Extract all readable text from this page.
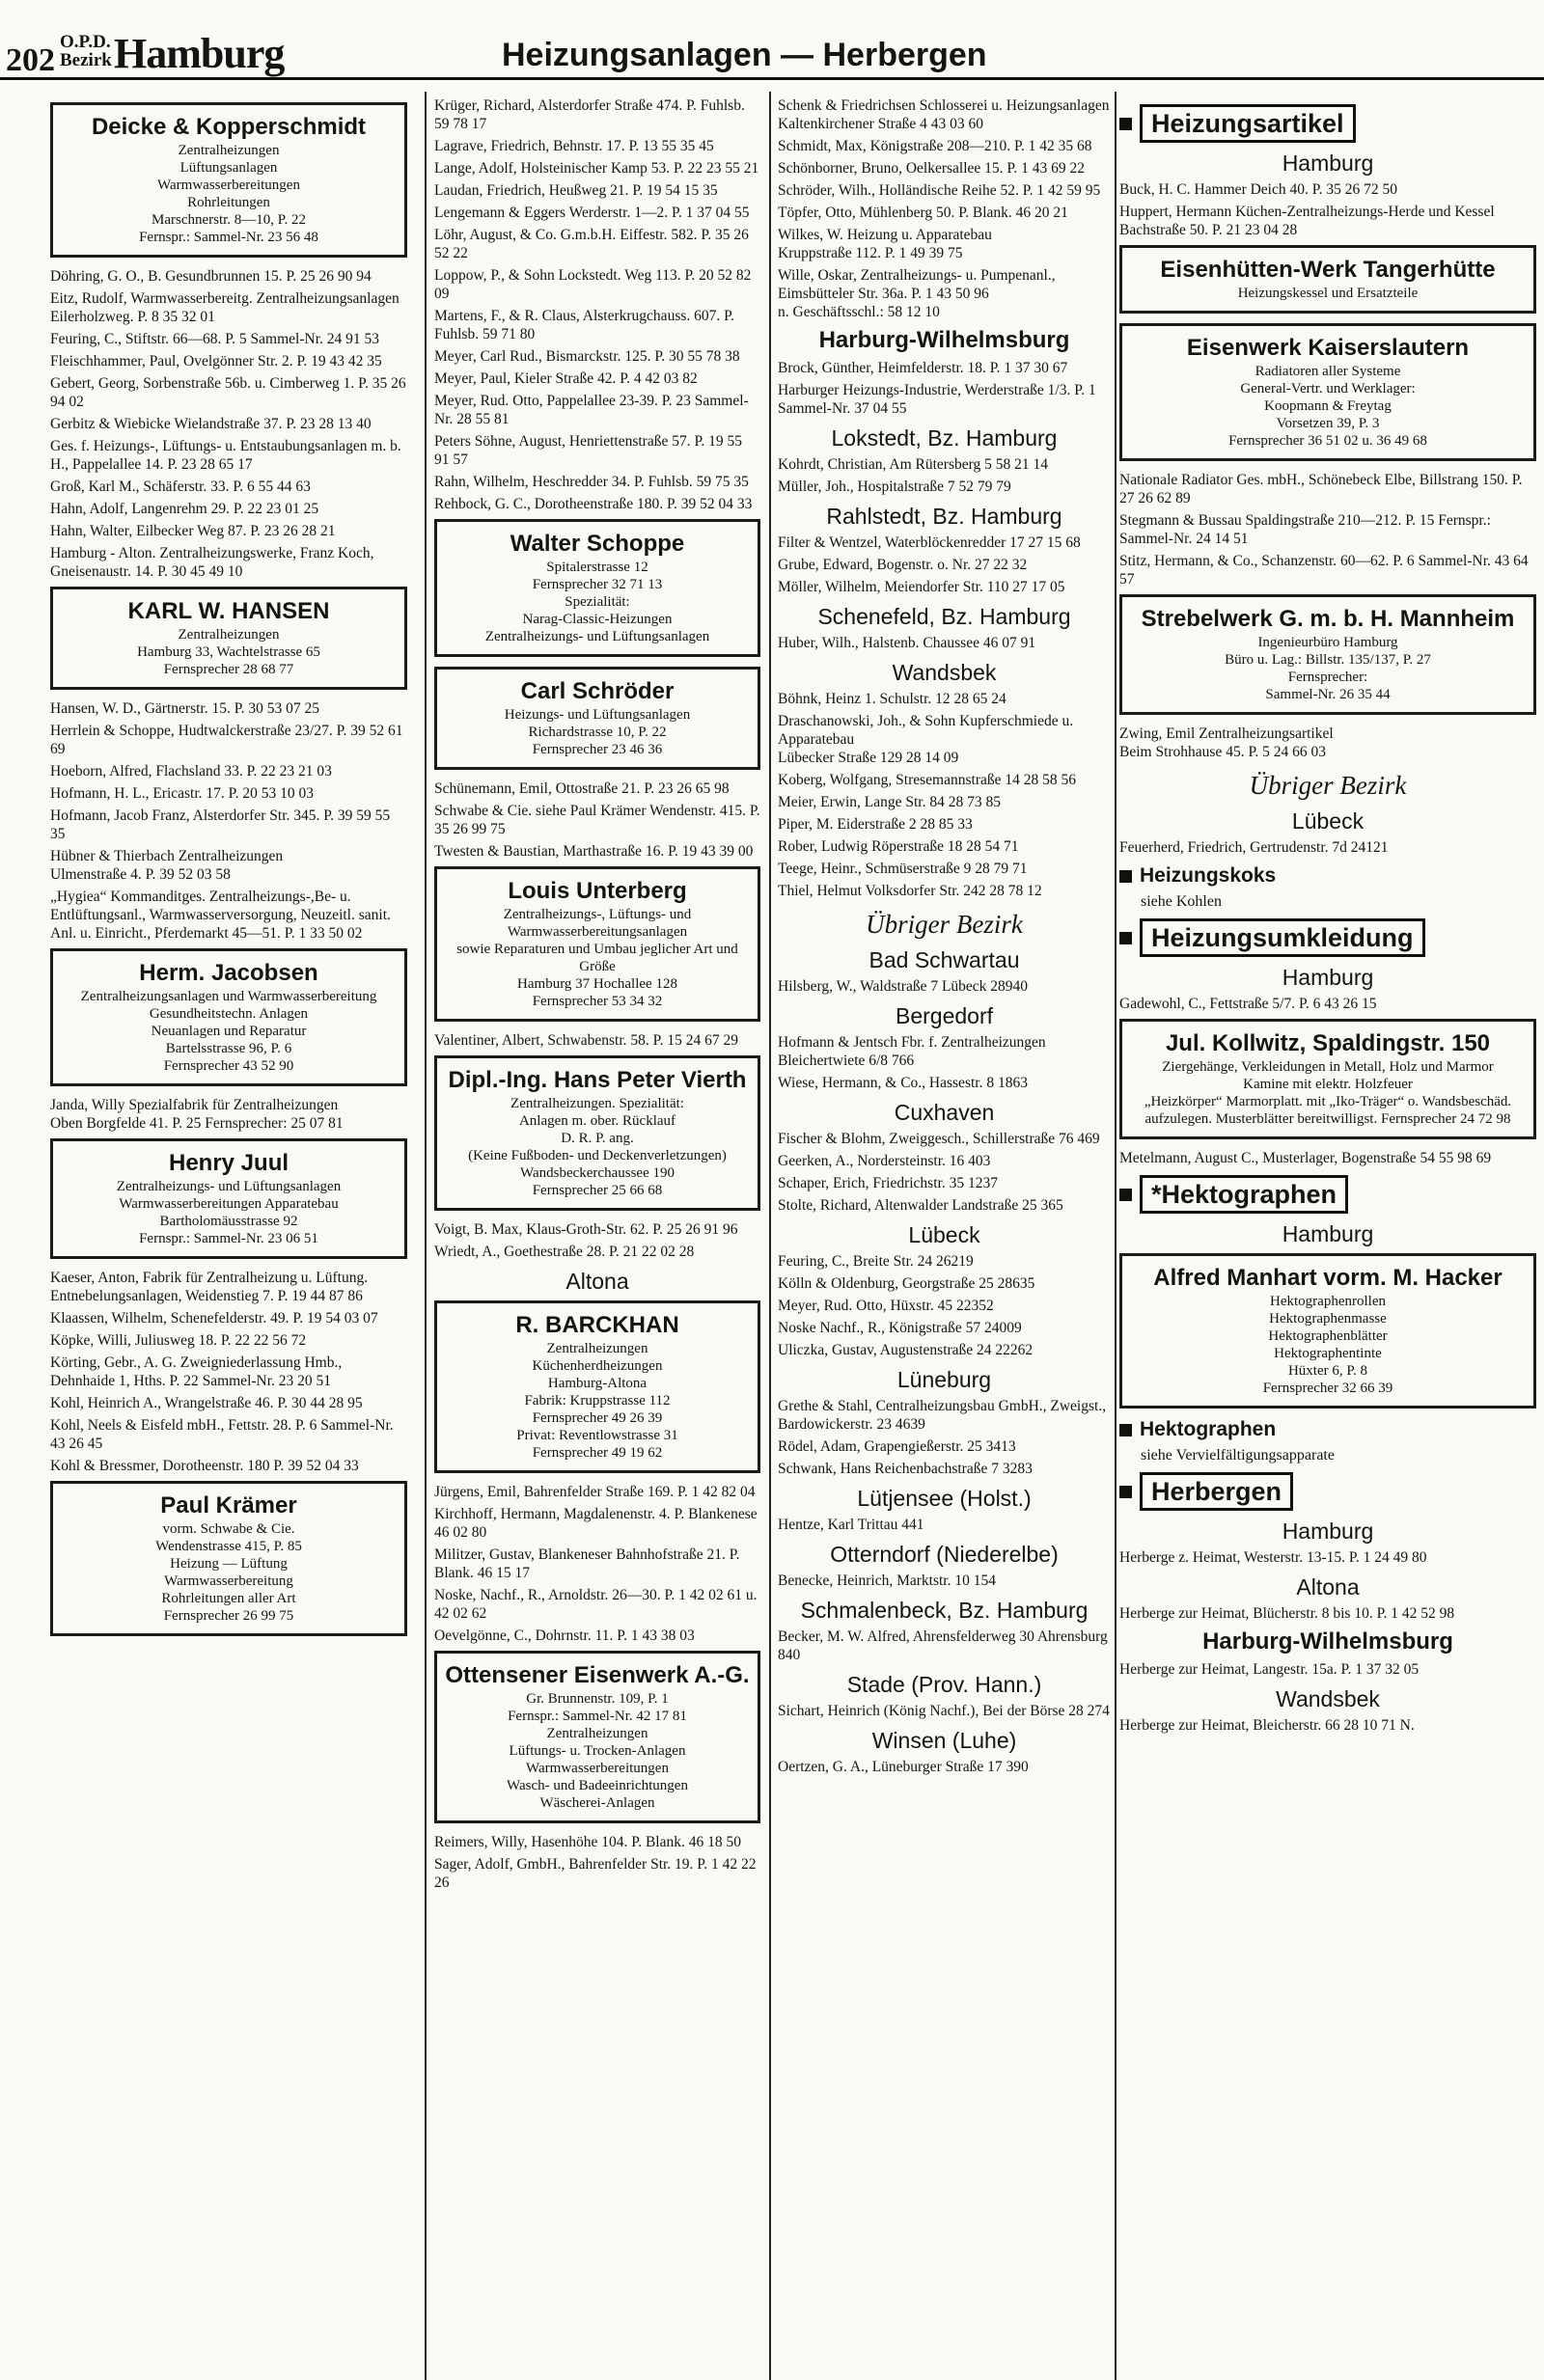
202
O.P.D.
Bezirk Hamburg	Heizungsanlagen — Herbergen
Deicke & Kopperschmidt
Zentralheizungen
Lüftungsanlagen
Warmwasserbereitungen
Rohrleitungen
Marschnerstr. 8—10, P. 22
Fernspr.: Sammel-Nr. 23 56 48
Döhring, G. O., B. Gesundbrunnen 15. P. 25 26 90 94
Eitz, Rudolf, Warmwasserbereitg. Zentralheizungsanlagen
Eilerholzweg. P. 8 35 32 01
Feuring, C., Stiftstr. 66—68. P. 5 Sammel-Nr. 24 91 53
Fleischhammer, Paul, Ovelgönner Str. 2. P. 19 43 42 35
Gebert, Georg, Sorbenstraße 56b. u. Cimberweg 1. P. 35 26 94 02
Gerbitz & Wiebicke Wielandstraße 37. P. 23 28 13 40
Ges. f. Heizungs-, Lüftungs- u. Entstaubungsanlagen m. b. H., Pappelallee 14. P. 23 28 65 17
Groß, Karl M., Schäferstr. 33. P. 6 55 44 63
Hahn, Adolf, Langenrehm 29. P. 22 23 01 25
Hahn, Walter, Eilbecker Weg 87. P. 23 26 28 21
Hamburg - Alton. Zentralheizungswerke, Franz Koch, Gneisenaustr. 14. P. 30 45 49 10
KARL W. HANSEN
Zentralheizungen
Hamburg 33, Wachtelstrasse 65
Fernsprecher 28 68 77
Hansen, W. D., Gärtnerstr. 15. P. 30 53 07 25
Herrlein & Schoppe, Hudtwalckerstraße 23/27. P. 39 52 61 69
Hoeborn, Alfred, Flachsland 33. P. 22 23 21 03
Hofmann, H. L., Ericastr. 17. P. 20 53 10 03
Hofmann, Jacob Franz, Alsterdorfer Str. 345. P. 39 59 55 35
Hübner & Thierbach Zentralheizungen
Ulmenstraße 4. P. 39 52 03 58
„Hygiea“ Kommanditges. Zentralheizungs-,Be- u. Entlüftungsanl., Warmwasserversorgung, Neuzeitl. sanit. Anl. u. Einricht., Pferdemarkt 45—51. P. 1 33 50 02
Herm. Jacobsen
Zentralheizungsanlagen und Warmwasserbereitung
Gesundheitstechn. Anlagen
Neuanlagen und Reparatur
Bartelsstrasse 96, P. 6
Fernsprecher 43 52 90
Janda, Willy Spezialfabrik für Zentralheizungen
Oben Borgfelde 41. P. 25 Fernsprecher: 25 07 81
Henry Juul
Zentralheizungs- und Lüftungsanlagen
Warmwasserbereitungen Apparatebau
Bartholomäusstrasse 92
Fernspr.: Sammel-Nr. 23 06 51
Kaeser, Anton, Fabrik für Zentralheizung u. Lüftung. Entnebelungsanlagen, Weidenstieg 7. P. 19 44 87 86
Klaassen, Wilhelm, Schenefelderstr. 49. P. 19 54 03 07
Köpke, Willi, Juliusweg 18. P. 22 22 56 72
Körting, Gebr., A. G. Zweigniederlassung Hmb., Dehnhaide 1, Hths. P. 22 Sammel-Nr. 23 20 51
Kohl, Heinrich A., Wrangelstraße 46. P. 30 44 28 95
Kohl, Neels & Eisfeld mbH., Fettstr. 28. P. 6 Sammel-Nr. 43 26 45
Kohl & Bressmer, Dorotheenstr. 180 P. 39 52 04 33
Paul Krämer
vorm. Schwabe & Cie.
Wendenstrasse 415, P. 85
Heizung — Lüftung
Warmwasserbereitung
Rohrleitungen aller Art
Fernsprecher 26 99 75
Krüger, Richard, Alsterdorfer Straße 474. P. Fuhlsb. 59 78 17
Lagrave, Friedrich, Behnstr. 17. P. 13 55 35 45
Lange, Adolf, Holsteinischer Kamp 53. P. 22 23 55 21
Laudan, Friedrich, Heußweg 21. P. 19 54 15 35
Lengemann & Eggers Werderstr. 1—2. P. 1 37 04 55
Löhr, August, & Co. G.m.b.H. Eiffestr. 582. P. 35 26 52 22
Loppow, P., & Sohn Lockstedt. Weg 113. P. 20 52 82 09
Martens, F., & R. Claus, Alsterkrugchauss. 607. P. Fuhlsb. 59 71 80
Meyer, Carl Rud., Bismarckstr. 125. P. 30 55 78 38
Meyer, Paul, Kieler Straße 42. P. 4 42 03 82
Meyer, Rud. Otto, Pappelallee 23-39. P. 23 Sammel-Nr. 28 55 81
Peters Söhne, August, Henriettenstraße 57. P. 19 55 91 57
Rahn, Wilhelm, Heschredder 34. P. Fuhlsb. 59 75 35
Rehbock, G. C., Dorotheenstraße 180. P. 39 52 04 33
Walter Schoppe
Spitalerstrasse 12
Fernsprecher 32 71 13
Spezialität:
Narag-Classic-Heizungen
Zentralheizungs- und Lüftungsanlagen
Carl Schröder
Heizungs- und Lüftungsanlagen
Richardstrasse 10, P. 22
Fernsprecher 23 46 36
Schünemann, Emil, Ottostraße 21. P. 23 26 65 98
Schwabe & Cie. siehe Paul Krämer Wendenstr. 415. P. 35 26 99 75
Twesten & Baustian, Marthastraße 16. P. 19 43 39 00
Louis Unterberg
Zentralheizungs-, Lüftungs- und Warmwasserbereitungsanlagen
sowie Reparaturen und Umbau jeglicher Art und Größe
Hamburg 37 Hochallee 128
Fernsprecher 53 34 32
Valentiner, Albert, Schwabenstr. 58. P. 15 24 67 29
Dipl.-Ing. Hans Peter Vierth
Zentralheizungen. Spezialität:
Anlagen m. ober. Rücklauf
D. R. P. ang.
(Keine Fußboden- und Deckenverletzungen)
Wandsbeckerchaussee 190
Fernsprecher 25 66 68
Voigt, B. Max, Klaus-Groth-Str. 62. P. 25 26 91 96
Wriedt, A., Goethestraße 28. P. 21 22 02 28
Altona
R. BARCKHAN
Zentralheizungen
Küchenherdheizungen
Hamburg-Altona
Fabrik: Kruppstrasse 112
Fernsprecher 49 26 39
Privat: Reventlowstrasse 31
Fernsprecher 49 19 62
Jürgens, Emil, Bahrenfelder Straße 169. P. 1 42 82 04
Kirchhoff, Hermann, Magdalenenstr. 4. P. Blankenese 46 02 80
Militzer, Gustav, Blankeneser Bahnhofstraße 21. P. Blank. 46 15 17
Noske, Nachf., R., Arnoldstr. 26—30. P. 1 42 02 61 u. 42 02 62
Oevelgönne, C., Dohrnstr. 11. P. 1 43 38 03
Ottensener Eisenwerk A.-G.
Gr. Brunnenstr. 109, P. 1
Fernspr.: Sammel-Nr. 42 17 81
Zentralheizungen
Lüftungs- u. Trocken-Anlagen
Warmwasserbereitungen
Wasch- und Badeeinrichtungen
Wäscherei-Anlagen
Reimers, Willy, Hasenhöhe 104. P. Blank. 46 18 50
Sager, Adolf, GmbH., Bahrenfelder Str. 19. P. 1 42 22 26
Schenk & Friedrichsen Schlosserei u. Heizungsanlagen Kaltenkirchener Straße 4 43 03 60
Schmidt, Max, Königstraße 208—210. P. 1 42 35 68
Schönborner, Bruno, Oelkersallee 15. P. 1 43 69 22
Schröder, Wilh., Holländische Reihe 52. P. 1 42 59 95
Töpfer, Otto, Mühlenberg 50. P. Blank. 46 20 21
Wilkes, W. Heizung u. Apparatebau
Kruppstraße 112. P. 1 49 39 75
Wille, Oskar, Zentralheizungs- u. Pumpenanl., Eimsbütteler Str. 36a. P. 1 43 50 96
n. Geschäftsschl.: 58 12 10
Harburg-Wilhelmsburg
Brock, Günther, Heimfelderstr. 18. P. 1 37 30 67
Harburger Heizungs-Industrie, Werderstraße 1/3. P. 1 Sammel-Nr. 37 04 55
Lokstedt, Bz. Hamburg
Kohrdt, Christian, Am Rütersberg 5 58 21 14
Müller, Joh., Hospitalstraße 7 52 79 79
Rahlstedt, Bz. Hamburg
Filter & Wentzel, Waterblöckenredder 17 27 15 68
Grube, Edward, Bogenstr. o. Nr. 27 22 32
Möller, Wilhelm, Meiendorfer Str. 110 27 17 05
Schenefeld, Bz. Hamburg
Huber, Wilh., Halstenb. Chaussee 46 07 91
Wandsbek
Böhnk, Heinz 1. Schulstr. 12 28 65 24
Draschanowski, Joh., & Sohn Kupferschmiede u. Apparatebau
Lübecker Straße 129 28 14 09
Koberg, Wolfgang, Stresemannstraße 14 28 58 56
Meier, Erwin, Lange Str. 84 28 73 85
Piper, M. Eiderstraße 2 28 85 33
Rober, Ludwig Röperstraße 18 28 54 71
Teege, Heinr., Schmüserstraße 9 28 79 71
Thiel, Helmut Volksdorfer Str. 242 28 78 12
Übriger Bezirk
Bad Schwartau
Hilsberg, W., Waldstraße 7 Lübeck 28940
Bergedorf
Hofmann & Jentsch Fbr. f. Zentralheizungen
Bleichertwiete 6/8 766
Wiese, Hermann, & Co., Hassestr. 8 1863
Cuxhaven
Fischer & Blohm, Zweiggesch., Schillerstraße 76 469
Geerken, A., Nordersteinstr. 16 403
Schaper, Erich, Friedrichstr. 35 1237
Stolte, Richard, Altenwalder Landstraße 25 365
Lübeck
Feuring, C., Breite Str. 24 26219
Kölln & Oldenburg, Georgstraße 25 28635
Meyer, Rud. Otto, Hüxstr. 45 22352
Noske Nachf., R., Königstraße 57 24009
Uliczka, Gustav, Augustenstraße 24 22262
Lüneburg
Grethe & Stahl, Centralheizungsbau GmbH., Zweigst., Bardowickerstr. 23 4639
Rödel, Adam, Grapengießerstr. 25 3413
Schwank, Hans Reichenbachstraße 7 3283
Lütjensee (Holst.)
Hentze, Karl Trittau 441
Otterndorf (Niederelbe)
Benecke, Heinrich, Marktstr. 10 154
Schmalenbeck, Bz. Hamburg
Becker, M. W. Alfred, Ahrensfelderweg 30 Ahrensburg 840
Stade (Prov. Hann.)
Sichart, Heinrich (König Nachf.), Bei der Börse 28 274
Winsen (Luhe)
Oertzen, G. A., Lüneburger Straße 17 390
Heizungsartikel
Hamburg
Buck, H. C. Hammer Deich 40. P. 35 26 72 50
Huppert, Hermann Küchen-Zentralheizungs-Herde und Kessel
Bachstraße 50. P. 21 23 04 28
Eisenhütten-Werk Tangerhütte
Heizungskessel und Ersatzteile
Eisenwerk Kaiserslautern
Radiatoren aller Systeme
General-Vertr. und Werklager:
Koopmann & Freytag
Vorsetzen 39, P. 3
Fernsprecher 36 51 02 u. 36 49 68
Nationale Radiator Ges. mbH., Schönebeck Elbe, Billstrang 150. P. 27 26 62 89
Stegmann & Bussau Spaldingstraße 210—212. P. 15 Fernspr.: Sammel-Nr. 24 14 51
Stitz, Hermann, & Co., Schanzenstr. 60—62. P. 6 Sammel-Nr. 43 64 57
Strebelwerk G. m. b. H. Mannheim
Ingenieurbüro Hamburg
Büro u. Lag.: Billstr. 135/137, P. 27
Fernsprecher:
Sammel-Nr. 26 35 44
Zwing, Emil Zentralheizungsartikel
Beim Strohhause 45. P. 5 24 66 03
Übriger Bezirk
Lübeck
Feuerherd, Friedrich, Gertrudenstr. 7d 24121
Heizungskoks
siehe Kohlen
Heizungsumkleidung
Hamburg
Gadewohl, C., Fettstraße 5/7. P. 6 43 26 15
Jul. Kollwitz, Spaldingstr. 150
Ziergehänge, Verkleidungen in Metall, Holz und Marmor
Kamine mit elektr. Holzfeuer
„Heizkörper“ Marmorplatt. mit „Iko-Träger“ o. Wandsbeschäd. aufzulegen. Musterblätter bereitwilligst. Fernsprecher 24 72 98
Metelmann, August C., Musterlager, Bogenstraße 54 55 98 69
*Hektographen
Hamburg
Alfred Manhart vorm. M. Hacker
Hektographenrollen
Hektographenmasse
Hektographenblätter
Hektographentinte
Hüxter 6, P. 8
Fernsprecher 32 66 39
Hektographen
siehe Vervielfältigungsapparate
Herbergen
Hamburg
Herberge z. Heimat, Westerstr. 13-15. P. 1 24 49 80
Altona
Herberge zur Heimat, Blücherstr. 8 bis 10. P. 1 42 52 98
Harburg-Wilhelmsburg
Herberge zur Heimat, Langestr. 15a. P. 1 37 32 05
Wandsbek
Herberge zur Heimat, Bleicherstr. 66 28 10 71 N.
